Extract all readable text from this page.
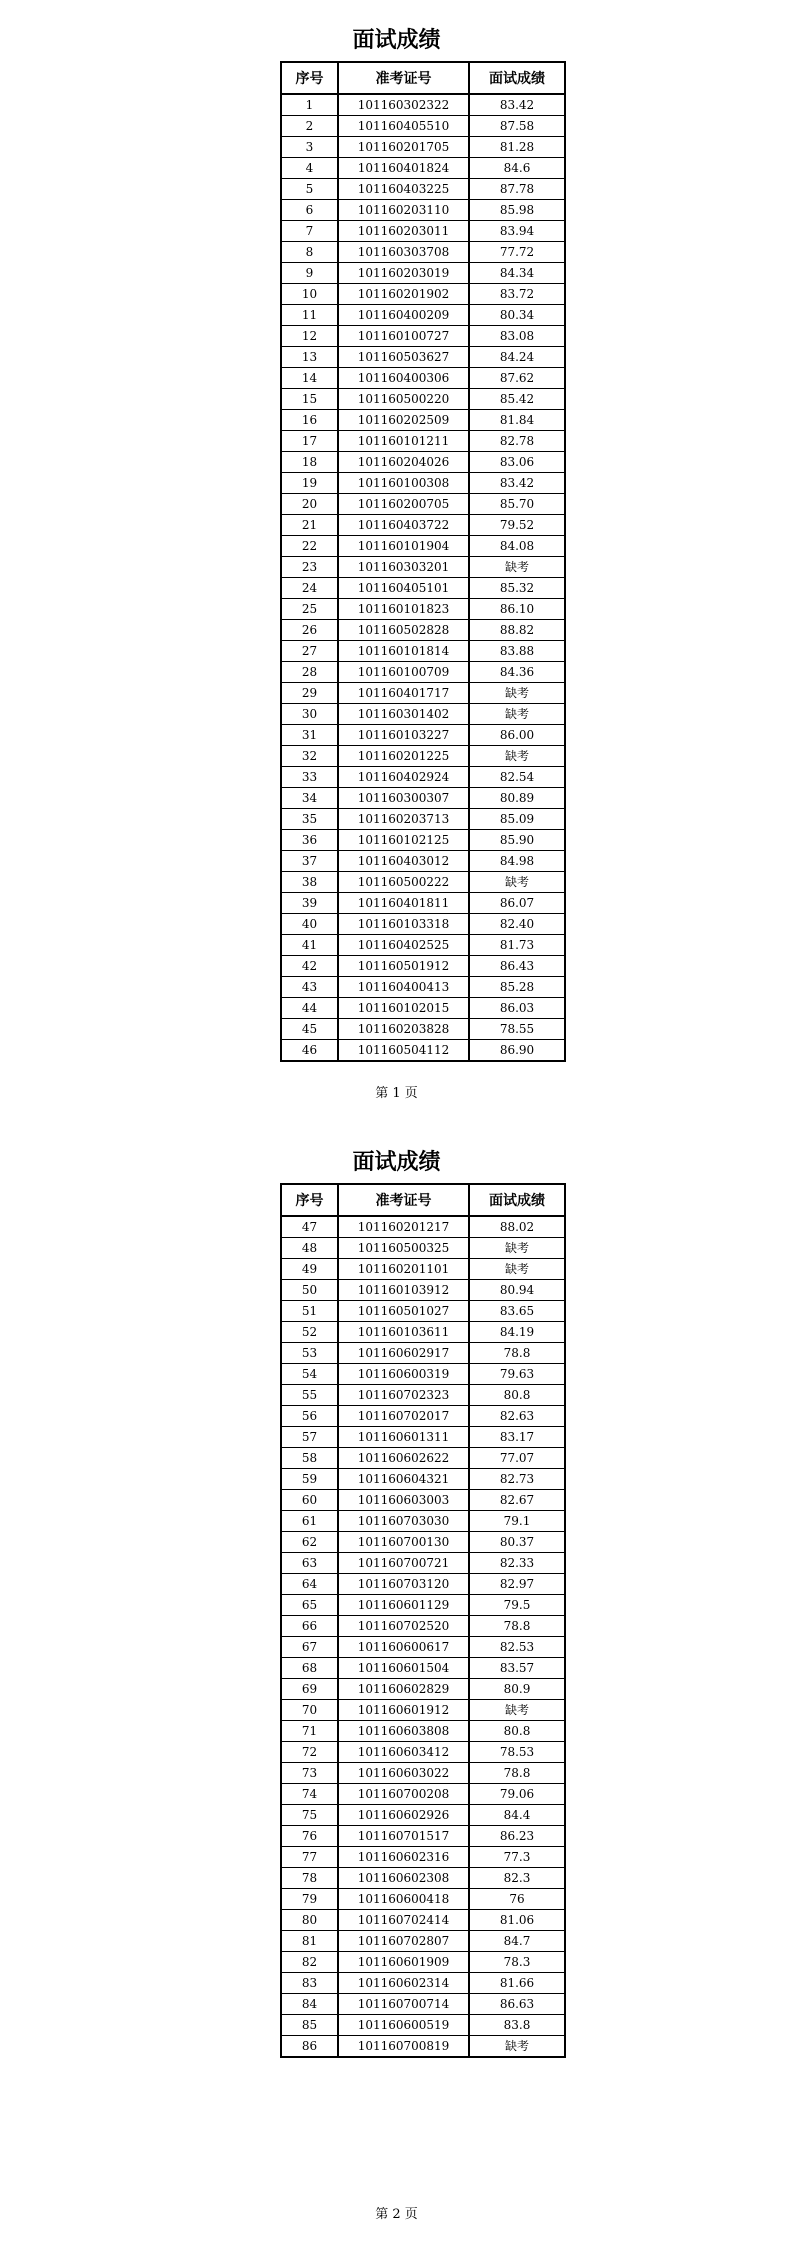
面试成绩
序号	准考证号	面试成绩
1	101160302322	83.42
2	101160405510	87.58
3	101160201705	81.28
4	101160401824	84.6
5	101160403225	87.78
6	101160203110	85.98
7	101160203011	83.94
8	101160303708	77.72
9	101160203019	84.34
10	101160201902	83.72
11	101160400209	80.34
12	101160100727	83.08
13	101160503627	84.24
14	101160400306	87.62
15	101160500220	85.42
16	101160202509	81.84
17	101160101211	82.78
18	101160204026	83.06
19	101160100308	83.42
20	101160200705	85.70
21	101160403722	79.52
22	101160101904	84.08
23	101160303201	缺考
24	101160405101	85.32
25	101160101823	86.10
26	101160502828	88.82
27	101160101814	83.88
28	101160100709	84.36
29	101160401717	缺考
30	101160301402	缺考
31	101160103227	86.00
32	101160201225	缺考
33	101160402924	82.54
34	101160300307	80.89
35	101160203713	85.09
36	101160102125	85.90
37	101160403012	84.98
38	101160500222	缺考
39	101160401811	86.07
40	101160103318	82.40
41	101160402525	81.73
42	101160501912	86.43
43	101160400413	85.28
44	101160102015	86.03
45	101160203828	78.55
46	101160504112	86.90
第 1 页
面试成绩
序号	准考证号	面试成绩
47	101160201217	88.02
48	101160500325	缺考
49	101160201101	缺考
50	101160103912	80.94
51	101160501027	83.65
52	101160103611	84.19
53	101160602917	78.8
54	101160600319	79.63
55	101160702323	80.8
56	101160702017	82.63
57	101160601311	83.17
58	101160602622	77.07
59	101160604321	82.73
60	101160603003	82.67
61	101160703030	79.1
62	101160700130	80.37
63	101160700721	82.33
64	101160703120	82.97
65	101160601129	79.5
66	101160702520	78.8
67	101160600617	82.53
68	101160601504	83.57
69	101160602829	80.9
70	101160601912	缺考
71	101160603808	80.8
72	101160603412	78.53
73	101160603022	78.8
74	101160700208	79.06
75	101160602926	84.4
76	101160701517	86.23
77	101160602316	77.3
78	101160602308	82.3
79	101160600418	76
80	101160702414	81.06
81	101160702807	84.7
82	101160601909	78.3
83	101160602314	81.66
84	101160700714	86.63
85	101160600519	83.8
86	101160700819	缺考
第 2 页
